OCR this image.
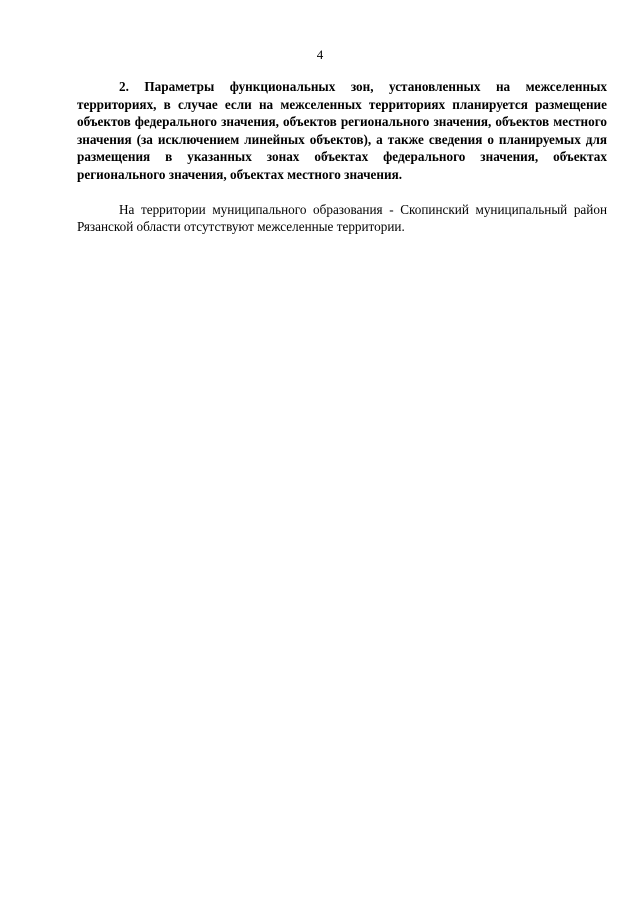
4

2. Параметры функциональных зон, установленных на межселенных территориях, в случае если на межселенных территориях планируется размещение объектов федерального значения, объектов регионального значения, объектов местного значения (за исключением линейных объектов), а также сведения о планируемых для размещения в указанных зонах объектах федерального значения, объектах регионального значения, объектах местного значения.

На территории муниципального образования - Скопинский муниципальный район Рязанской области отсутствуют межселенные территории.
